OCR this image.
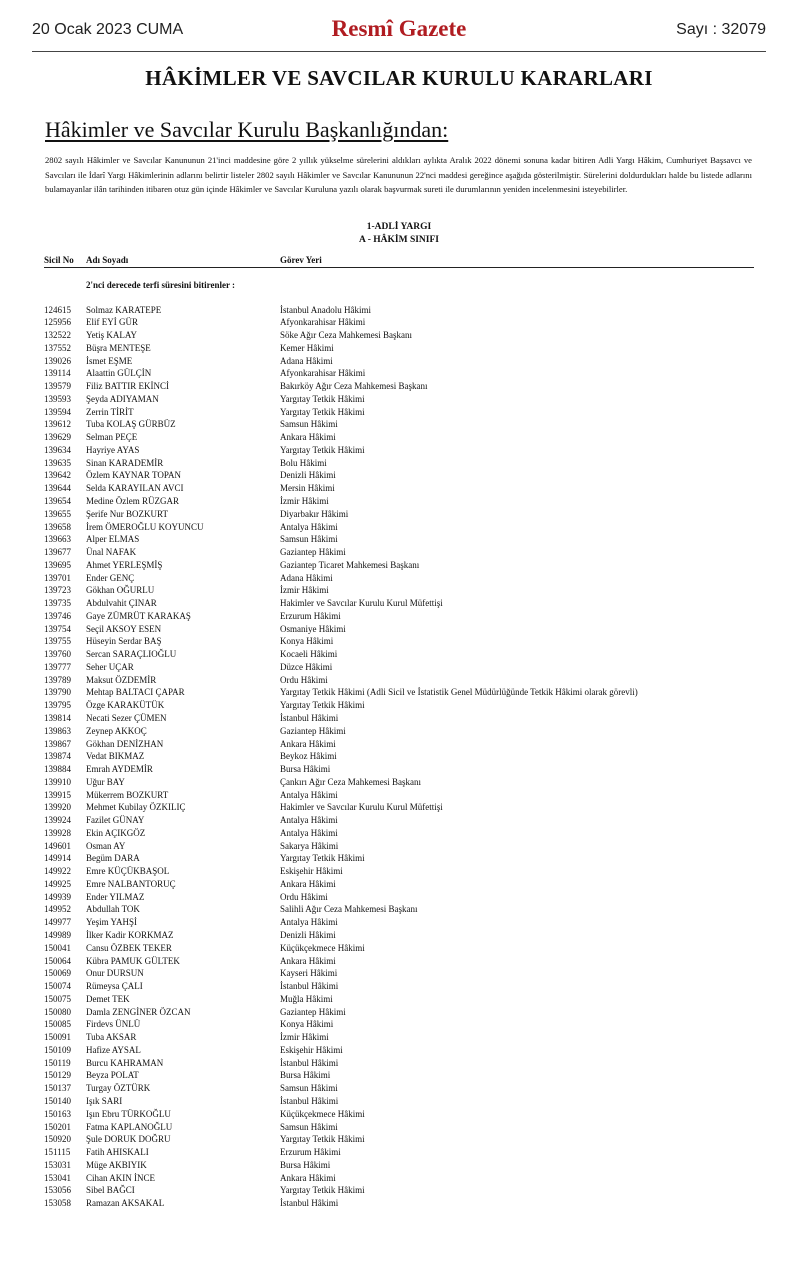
20 Ocak 2023 CUMA	Resmî Gazete	Sayı : 32079
HÂKİMLER VE SAVCILAR KURULU KARARLARI
Hâkimler ve Savcılar Kurulu Başkanlığından:
2802 sayılı Hâkimler ve Savcılar Kanununun 21'inci maddesine göre 2 yıllık yükselme sürelerini aldıkları aylıkta Aralık 2022 dönemi sonuna kadar bitiren Adli Yargı Hâkim, Cumhuriyet Başsavcı ve Savcıları ile İdarî Yargı Hâkimlerinin adlarını belirtir listeler 2802 sayılı Hâkimler ve Savcılar Kanununun 22'nci maddesi gereğince aşağıda gösterilmiştir. Sürelerini doldurdukları halde bu listede adlarını bulamayanlar ilân tarihinden itibaren otuz gün içinde Hâkimler ve Savcılar Kuruluna yazılı olarak başvurmak sureti ile durumlarının yeniden incelenmesini isteyebilirler.
1-ADLİ YARGI
A - HÂKİM SINIFI
Sicil No Adı Soyadı	Görev Yeri
2'nci derecede terfi süresini bitirenler :
124615 Solmaz KARATEPE	İstanbul Anadolu Hâkimi
125956 Elif EYİ GÜR	Afyonkarahisar Hâkimi
132522 Yetiş KALAY	Söke Ağır Ceza Mahkemesi Başkanı
137552 Büşra MENTEŞE	Kemer Hâkimi
139026 İsmet EŞME	Adana Hâkimi
139114 Alaattin GÜLÇİN	Afyonkarahisar Hâkimi
139579 Filiz BATTIR EKİNCİ	Bakırköy Ağır Ceza Mahkemesi Başkanı
139593 Şeyda ADIYAMAN	Yargıtay Tetkik Hâkimi
139594 Zerrin TİRİT	Yargıtay Tetkik Hâkimi
139612 Tuba KOLAŞ GÜRBÜZ	Samsun Hâkimi
139629 Selman PEÇE	Ankara Hâkimi
139634 Hayriye AYAS	Yargıtay Tetkik Hâkimi
139635 Sinan KARADEMİR	Bolu Hâkimi
139642 Özlem KAYNAR TOPAN	Denizli Hâkimi
139644 Selda KARAYILAN AVCI	Mersin Hâkimi
139654 Medine Özlem RÜZGAR	İzmir Hâkimi
139655 Şerife Nur BOZKURT	Diyarbakır Hâkimi
139658 İrem ÖMEROĞLU KOYUNCU	Antalya Hâkimi
139663 Alper ELMAS	Samsun Hâkimi
139677 Ünal NAFAK	Gaziantep Hâkimi
139695 Ahmet YERLEŞMİŞ	Gaziantep Ticaret Mahkemesi Başkanı
139701 Ender GENÇ	Adana Hâkimi
139723 Gökhan OĞURLU	İzmir Hâkimi
139735 Abdulvahit ÇINAR	Hakimler ve Savcılar Kurulu Kurul Müfettişi
139746 Gaye ZÜMRÜT KARAKAŞ	Erzurum Hâkimi
139754 Seçil AKSOY ESEN	Osmaniye Hâkimi
139755 Hüseyin Serdar BAŞ	Konya Hâkimi
139760 Sercan SARAÇLIOĞLU	Kocaeli Hâkimi
139777 Seher UÇAR	Düzce Hâkimi
139789 Maksut ÖZDEMİR	Ordu Hâkimi
139790 Mehtap BALTACI ÇAPAR	Yargıtay Tetkik Hâkimi (Adli Sicil ve İstatistik Genel Müdürlüğünde Tetkik Hâkimi olarak görevli)
139795 Özge KARAKÜTÜK	Yargıtay Tetkik Hâkimi
139814 Necati Sezer ÇÜMEN	İstanbul Hâkimi
139863 Zeynep AKKOÇ	Gaziantep Hâkimi
139867 Gökhan DENİZHAN	Ankara Hâkimi
139874 Vedat BIKMAZ	Beykoz Hâkimi
139884 Emrah AYDEMİR	Bursa Hâkimi
139910 Uğur BAY	Çankırı Ağır Ceza Mahkemesi Başkanı
139915 Mükerrem BOZKURT	Antalya Hâkimi
139920 Mehmet Kubilay ÖZKILIÇ	Hakimler ve Savcılar Kurulu Kurul Müfettişi
139924 Fazilet GÜNAY	Antalya Hâkimi
139928 Ekin AÇIKGÖZ	Antalya Hâkimi
149601 Osman AY	Sakarya Hâkimi
149914 Begüm DARA	Yargıtay Tetkik Hâkimi
149922 Emre KÜÇÜKBAŞOL	Eskişehir Hâkimi
149925 Emre NALBANTORUÇ	Ankara Hâkimi
149939 Ender YILMAZ	Ordu Hâkimi
149952 Abdullah TOK	Salihli Ağır Ceza Mahkemesi Başkanı
149977 Yeşim YAHŞİ	Antalya Hâkimi
149989 İlker Kadir KORKMAZ	Denizli Hâkimi
150041 Cansu ÖZBEK TEKER	Küçükçekmece Hâkimi
150064 Kübra PAMUK GÜLTEK	Ankara Hâkimi
150069 Onur DURSUN	Kayseri Hâkimi
150074 Rümeysa ÇALI	İstanbul Hâkimi
150075 Demet TEK	Muğla Hâkimi
150080 Damla ZENGİNER ÖZCAN	Gaziantep Hâkimi
150085 Firdevs ÜNLÜ	Konya Hâkimi
150091 Tuba AKSAR	İzmir Hâkimi
150109 Hafize AYSAL	Eskişehir Hâkimi
150119 Burcu KAHRAMAN	İstanbul Hâkimi
150129 Beyza POLAT	Bursa Hâkimi
150137 Turgay ÖZTÜRK	Samsun Hâkimi
150140 Işık SARI	İstanbul Hâkimi
150163 Işın Ebru TÜRKOĞLU	Küçükçekmece Hâkimi
150201 Fatma KAPLANOĞLU	Samsun Hâkimi
150920 Şule DORUK DOĞRU	Yargıtay Tetkik Hâkimi
151115 Fatih AHISKALI	Erzurum Hâkimi
153031 Müge AKBIYIK	Bursa Hâkimi
153041 Cihan AKIN İNCE	Ankara Hâkimi
153056 Sibel BAĞCI	Yargıtay Tetkik Hâkimi
153058 Ramazan AKSAKAL	İstanbul Hâkimi
